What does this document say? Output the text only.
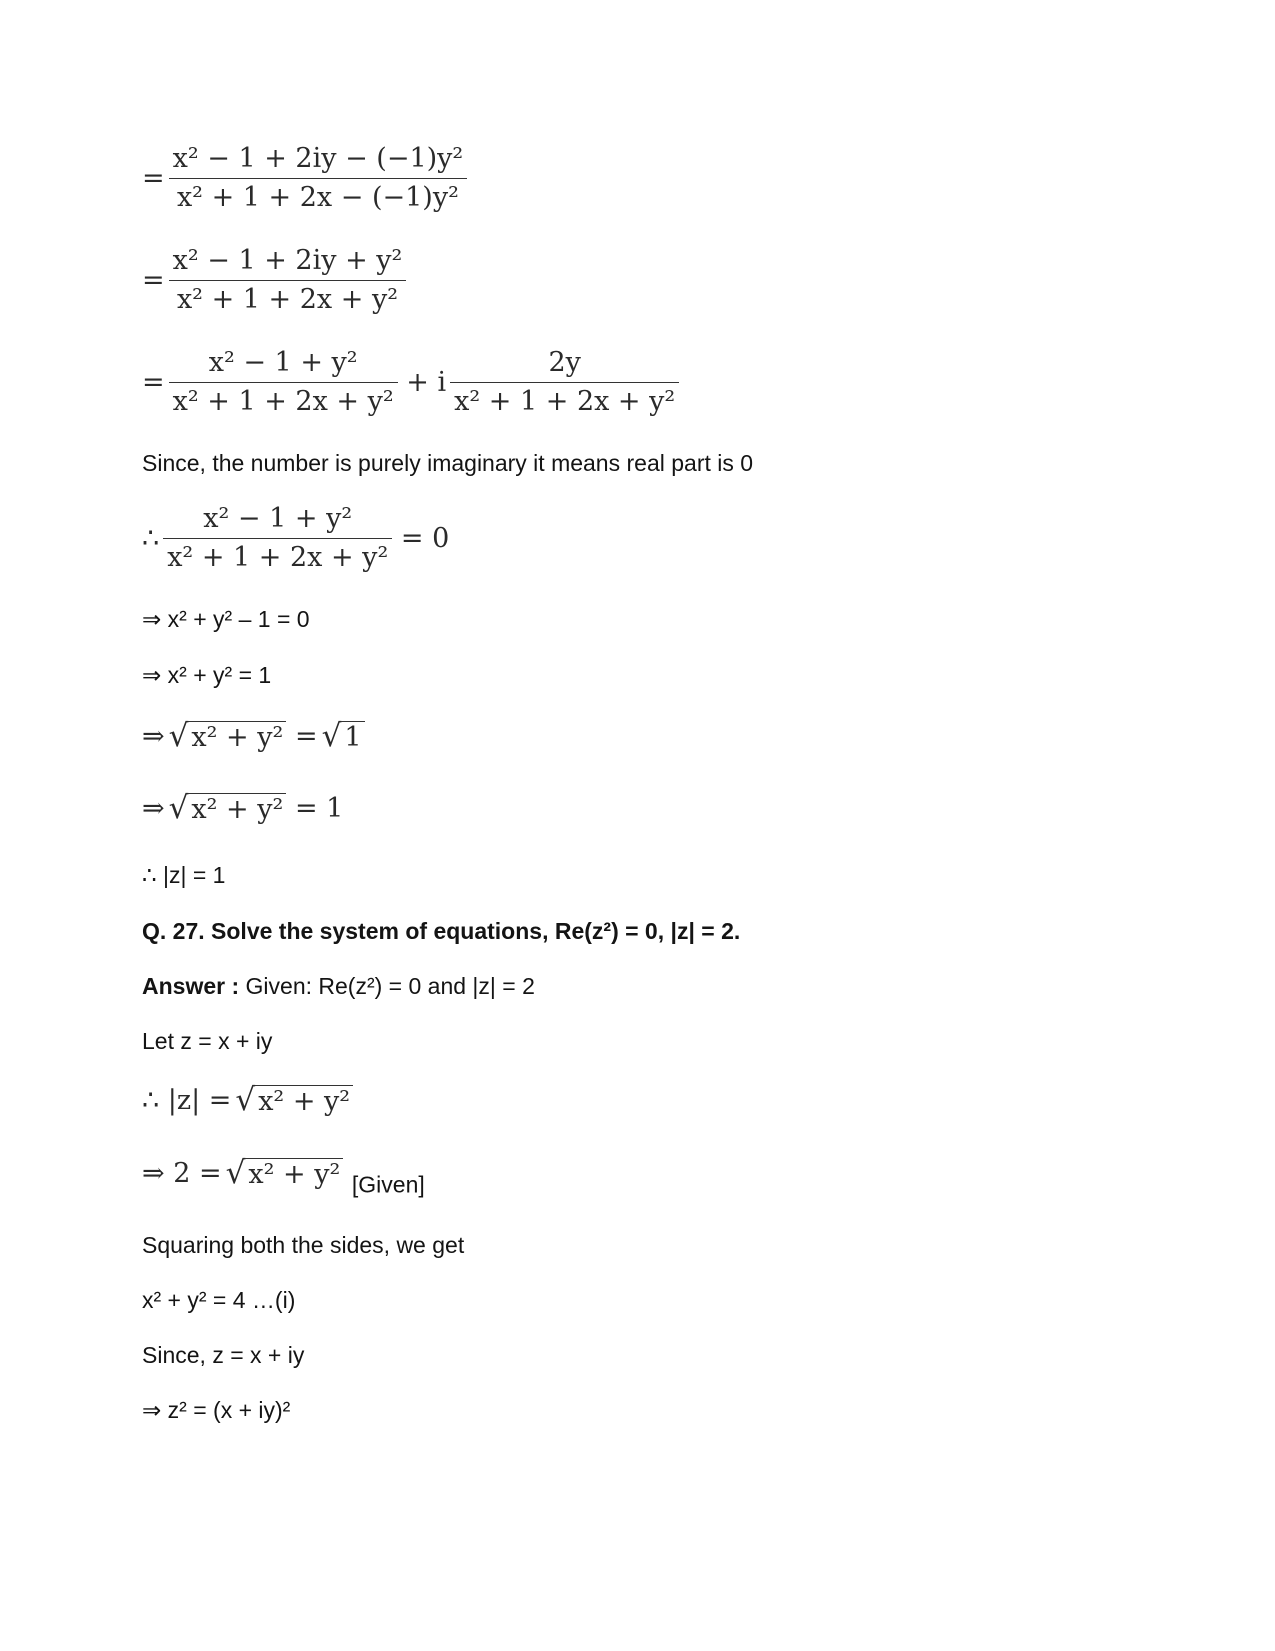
= $\frac{\text{x² − 1 + 2iy − (−1)y²}}{\text{x² + 1 + 2x − (−1)y²}}$
= $\frac{\text{x² − 1 + 2iy + y²}}{\text{x² + 1 + 2x + y²}}$
= $\frac{\text{x² − 1 + y²}}{\text{x² + 1 + 2x + y²}} + i \frac{2y}{\text{x² + 1 + 2x + y²}}$
Since, the number is purely imaginary it means real part is 0
∴ $\frac{\text{x² − 1 + y²}}{\text{x² + 1 + 2x + y²}} = 0$
⇒ x² + y² – 1 = 0
⇒ x² + y² = 1
⇒ √ x² + y² = √ 1
⇒ √ x² + y² = 1
∴ |z| = 1
Q. 27. Solve the system of equations, Re(z²) = 0, |z| = 2.
Answer : Given: Re(z²) = 0 and |z| = 2
Let z = x + iy
∴ |z| = √ x² + y²
⇒ 2 = √ x² + y² [Given]
Squaring both the sides, we get
x² + y² = 4 …(i)
Since, z = x + iy
⇒ z² = (x + iy)²
